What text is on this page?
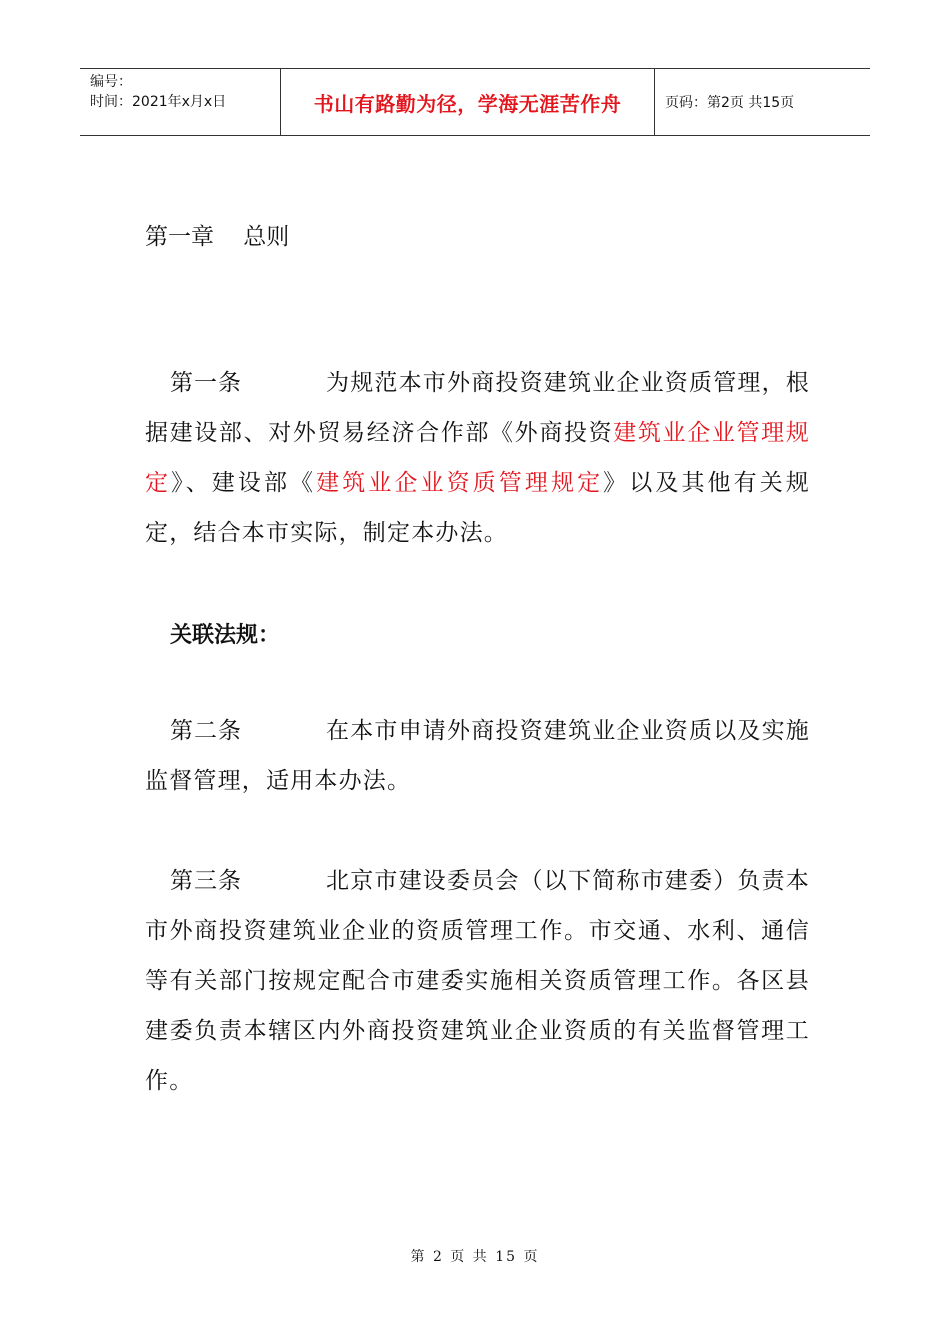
编号：
时间：2021年x月x日	书山有路勤为径，学海无涯苦作舟	页码：第2页 共15页
第一章    总则
第一条	为规范本市外商投资建筑业企业资质管理，根据建设部、对外贸易经济合作部《外商投资建筑业企业管理规定》、建设部《建筑业企业资质管理规定》以及其他有关规定，结合本市实际，制定本办法。
关联法规：
第二条	在本市申请外商投资建筑业企业资质以及实施监督管理，适用本办法。
第三条	北京市建设委员会（以下简称市建委）负责本市外商投资建筑业企业的资质管理工作。市交通、水利、通信等有关部门按规定配合市建委实施相关资质管理工作。各区县建委负责本辖区内外商投资建筑业企业资质的有关监督管理工作。
第 2 页 共 15 页
